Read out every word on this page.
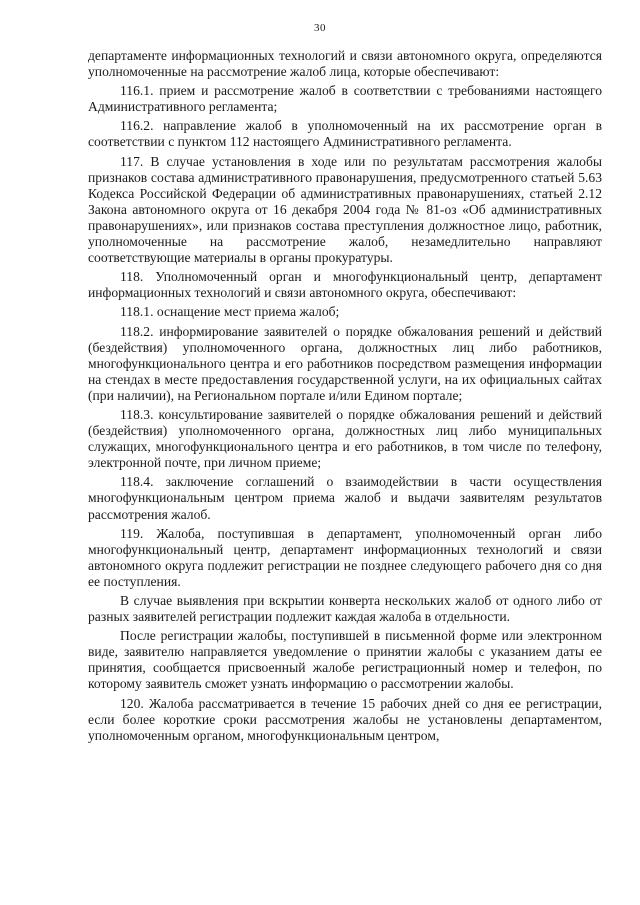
30

департаменте информационных технологий и связи автономного округа, определяются уполномоченные на рассмотрение жалоб лица, которые обеспечивают:

116.1. прием и рассмотрение жалоб в соответствии с требованиями настоящего Административного регламента;

116.2. направление жалоб в уполномоченный на их рассмотрение орган в соответствии с пунктом 112 настоящего Административного регламента.

117. В случае установления в ходе или по результатам рассмотрения жалобы признаков состава административного правонарушения, предусмотренного статьей 5.63 Кодекса Российской Федерации об административных правонарушениях, статьей 2.12 Закона автономного округа от 16 декабря 2004 года № 81-оз «Об административных правонарушениях», или признаков состава преступления должностное лицо, работник, уполномоченные на рассмотрение жалоб, незамедлительно направляют соответствующие материалы в органы прокуратуры.

118. Уполномоченный орган и многофункциональный центр, департамент информационных технологий и связи автономного округа, обеспечивают:

118.1. оснащение мест приема жалоб;

118.2. информирование заявителей о порядке обжалования решений и действий (бездействия) уполномоченного органа, должностных лиц либо работников, многофункционального центра и его работников посредством размещения информации на стендах в месте предоставления государственной услуги, на их официальных сайтах (при наличии), на Региональном портале и/или Едином портале;

118.3. консультирование заявителей о порядке обжалования решений и действий (бездействия) уполномоченного органа, должностных лиц либо муниципальных служащих, многофункционального центра и его работников, в том числе по телефону, электронной почте, при личном приеме;

118.4. заключение соглашений о взаимодействии в части осуществления многофункциональным центром приема жалоб и выдачи заявителям результатов рассмотрения жалоб.

119. Жалоба, поступившая в департамент, уполномоченный орган либо многофункциональный центр, департамент информационных технологий и связи автономного округа подлежит регистрации не позднее следующего рабочего дня со дня ее поступления.

В случае выявления при вскрытии конверта нескольких жалоб от одного либо от разных заявителей регистрации подлежит каждая жалоба в отдельности.

После регистрации жалобы, поступившей в письменной форме или электронном виде, заявителю направляется уведомление о принятии жалобы с указанием даты ее принятия, сообщается присвоенный жалобе регистрационный номер и телефон, по которому заявитель сможет узнать информацию о рассмотрении жалобы.

120. Жалоба рассматривается в течение 15 рабочих дней со дня ее регистрации, если более короткие сроки рассмотрения жалобы не установлены департаментом, уполномоченным органом, многофункциональным центром,
